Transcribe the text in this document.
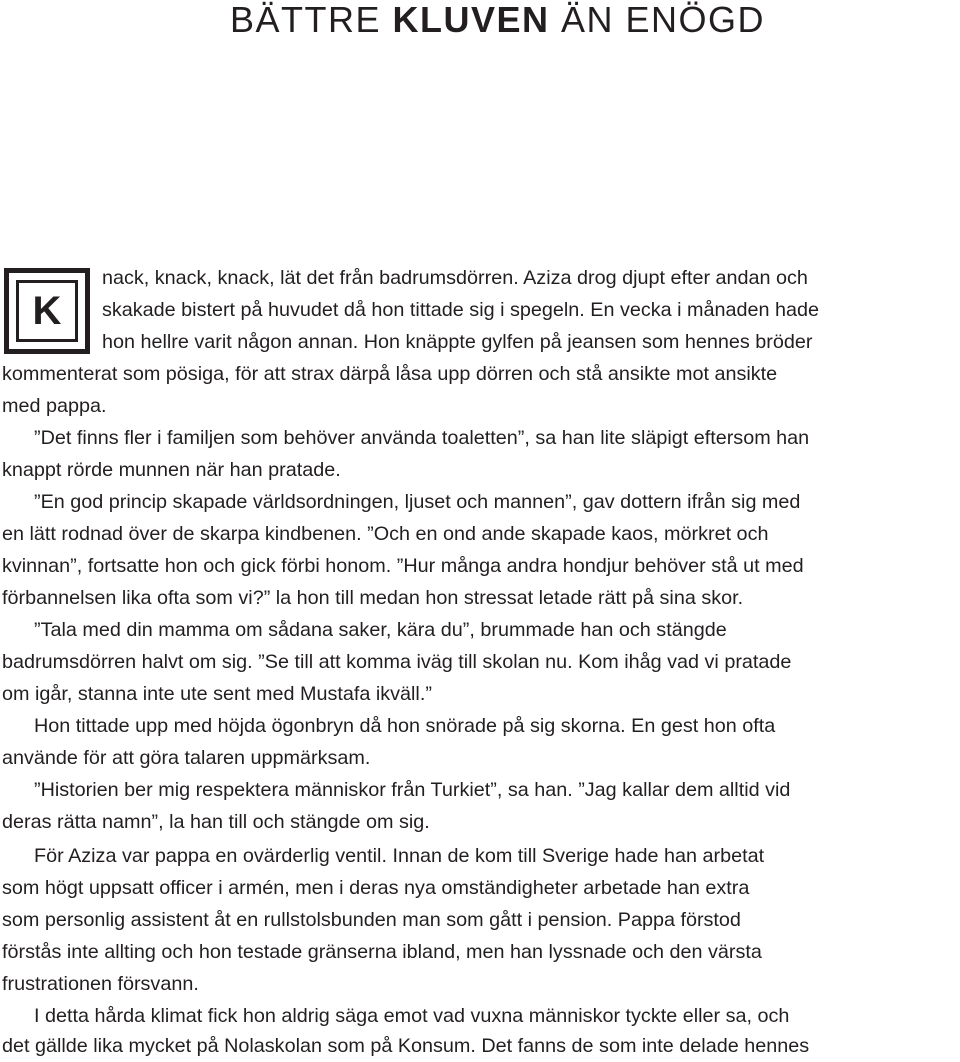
BÄTTRE KLUVEN ÄN ENÖGD
K

nack, knack, knack, lät det från badrumsdörren. Aziza drog djupt efter andan och

skakade bistert på huvudet då hon tittade sig i spegeln. En vecka i månaden hade

hon hellre varit någon annan. Hon knäppte gylfen på jeansen som hennes bröder

kommenterat som pösiga, för att strax därpå låsa upp dörren och stå ansikte mot ansikte

med pappa.

”Det finns fler i familjen som behöver använda toaletten”, sa han lite släpigt eftersom han

knappt rörde munnen när han pratade.

”En god princip skapade världsordningen, ljuset och mannen”, gav dottern ifrån sig med

en lätt rodnad över de skarpa kindbenen. ”Och en ond ande skapade kaos, mörkret och

kvinnan”, fortsatte hon och gick förbi honom. ”Hur många andra hondjur behöver stå ut med

förbannelsen lika ofta som vi?” la hon till medan hon stressat letade rätt på sina skor.

”Tala med din mamma om sådana saker, kära du”, brummade han och stängde

badrumsdörren halvt om sig. ”Se till att komma iväg till skolan nu. Kom ihåg vad vi pratade

om igår, stanna inte ute sent med Mustafa ikväll.”

Hon tittade upp med höjda ögonbryn då hon snörade på sig skorna. En gest hon ofta

använde för att göra talaren uppmärksam.

”Historien ber mig respektera människor från Turkiet”, sa han. ”Jag kallar dem alltid vid

deras rätta namn”, la han till och stängde om sig.

För Aziza var pappa en ovärderlig ventil. Innan de kom till Sverige hade han arbetat

som högt uppsatt officer i armén, men i deras nya omständigheter arbetade han extra

som personlig assistent åt en rullstolsbunden man som gått i pension. Pappa förstod

förstås inte allting och hon testade gränserna ibland, men han lyssnade och den värsta

frustrationen försvann.

I detta hårda klimat fick hon aldrig säga emot vad vuxna människor tyckte eller sa, och

det gällde lika mycket på Nolaskolan som på Konsum. Det fanns de som inte delade hennes
